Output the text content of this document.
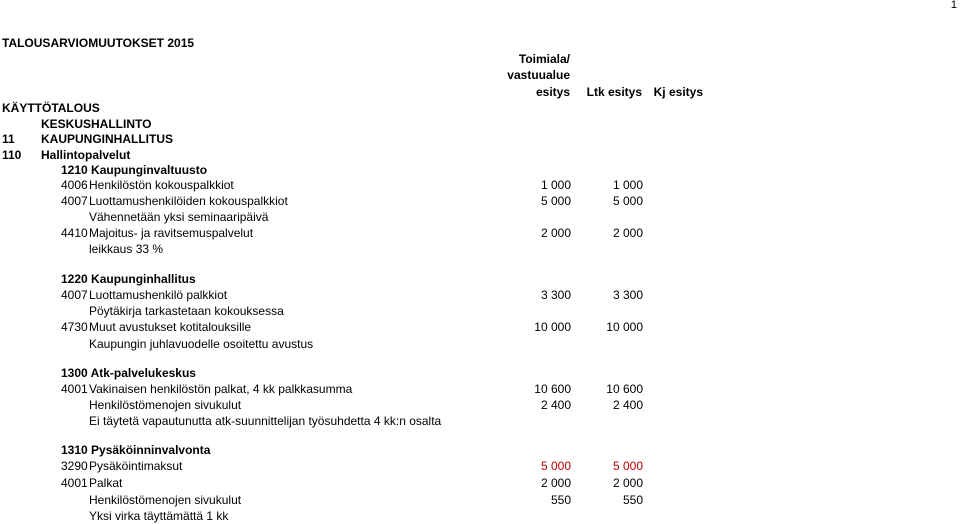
1
TALOUSARVIOMUUTOKSET 2015
Toimiala/
vastuualue
esitys	Ltk esitys Kj esitys
KÄYTTÖTALOUS
KESKUSHALLINTO
11 KAUPUNGINHALLITUS
110 Hallintopalvelut
1210 Kaupunginvaltuusto
4006 Henkilöstön kokouspalkkiot	1 000	1 000
4007 Luottamushenkilöiden kokouspalkkiot	5 000	5 000
Vähennetään yksi seminaaripäivä
4410 Majoitus- ja ravitsemuspalvelut	2 000	2 000
leikkaus 33 %
1220 Kaupunginhallitus
4007 Luottamushenkilö palkkiot	3 300	3 300
Pöytäkirja tarkastetaan kokouksessa
4730 Muut avustukset kotitalouksille	10 000	10 000
Kaupungin juhlavuodelle osoitettu avustus
1300 Atk-palvelukeskus
4001 Vakinaisen henkilöstön palkat, 4 kk palkkasumma	10 600	10 600
Henkilöstömenojen sivukulut	2 400	2 400
Ei täytetä vapautunutta atk-suunnittelijan työsuhdetta 4 kk:n osalta
1310 Pysäköinninvalvonta
3290 Pysäköintimaksut	5 000	5 000
4001 Palkat	2 000	2 000
Henkilöstömenojen sivukulut	550	550
Yksi virka täyttämättä 1 kk
